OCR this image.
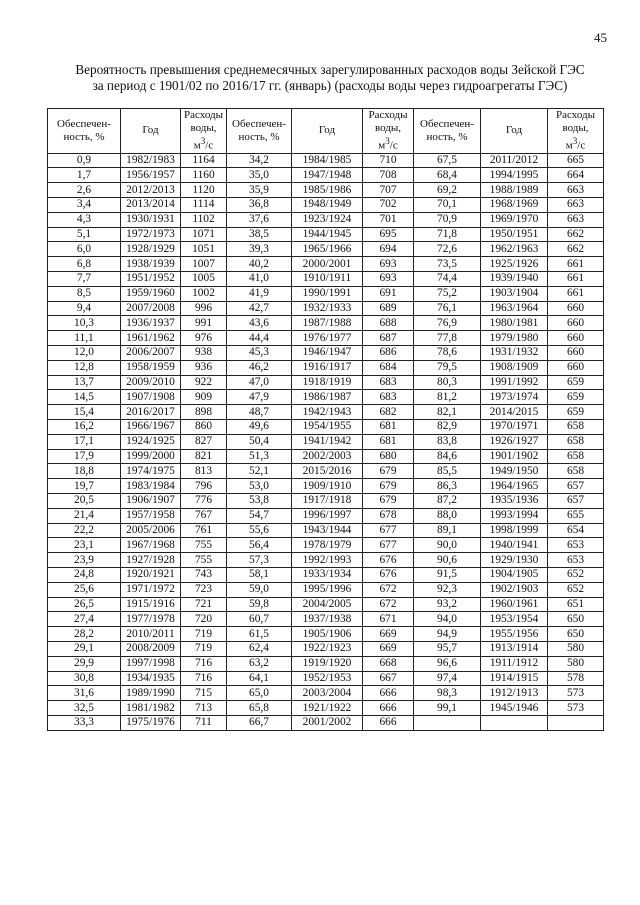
45
Вероятность превышения среднемесячных зарегулированных расходов воды Зейской ГЭС
за период с 1901/02 по 2016/17 гг. (январь) (расходы воды через гидроагрегаты ГЭС)
Обеспечен-
ность, %	Год	Расходы
воды,
$м^3/с$	Обеспечен-
ность, %	Год	Расходы
воды,
$м^3/с$	Обеспечен-
ность, %	Год	Расходы
воды,
$м^3/с$
0,9	1982/1983	1164	34,2	1984/1985	710	67,5	2011/2012	665
1,7	1956/1957	1160	35,0	1947/1948	708	68,4	1994/1995	664
2,6	2012/2013	1120	35,9	1985/1986	707	69,2	1988/1989	663
3,4	2013/2014	1114	36,8	1948/1949	702	70,1	1968/1969	663
4,3	1930/1931	1102	37,6	1923/1924	701	70,9	1969/1970	663
5,1	1972/1973	1071	38,5	1944/1945	695	71,8	1950/1951	662
6,0	1928/1929	1051	39,3	1965/1966	694	72,6	1962/1963	662
6,8	1938/1939	1007	40,2	2000/2001	693	73,5	1925/1926	661
7,7	1951/1952	1005	41,0	1910/1911	693	74,4	1939/1940	661
8,5	1959/1960	1002	41,9	1990/1991	691	75,2	1903/1904	661
9,4	2007/2008	996	42,7	1932/1933	689	76,1	1963/1964	660
10,3	1936/1937	991	43,6	1987/1988	688	76,9	1980/1981	660
11,1	1961/1962	976	44,4	1976/1977	687	77,8	1979/1980	660
12,0	2006/2007	938	45,3	1946/1947	686	78,6	1931/1932	660
12,8	1958/1959	936	46,2	1916/1917	684	79,5	1908/1909	660
13,7	2009/2010	922	47,0	1918/1919	683	80,3	1991/1992	659
14,5	1907/1908	909	47,9	1986/1987	683	81,2	1973/1974	659
15,4	2016/2017	898	48,7	1942/1943	682	82,1	2014/2015	659
16,2	1966/1967	860	49,6	1954/1955	681	82,9	1970/1971	658
17,1	1924/1925	827	50,4	1941/1942	681	83,8	1926/1927	658
17,9	1999/2000	821	51,3	2002/2003	680	84,6	1901/1902	658
18,8	1974/1975	813	52,1	2015/2016	679	85,5	1949/1950	658
19,7	1983/1984	796	53,0	1909/1910	679	86,3	1964/1965	657
20,5	1906/1907	776	53,8	1917/1918	679	87,2	1935/1936	657
21,4	1957/1958	767	54,7	1996/1997	678	88,0	1993/1994	655
22,2	2005/2006	761	55,6	1943/1944	677	89,1	1998/1999	654
23,1	1967/1968	755	56,4	1978/1979	677	90,0	1940/1941	653
23,9	1927/1928	755	57,3	1992/1993	676	90,6	1929/1930	653
24,8	1920/1921	743	58,1	1933/1934	676	91,5	1904/1905	652
25,6	1971/1972	723	59,0	1995/1996	672	92,3	1902/1903	652
26,5	1915/1916	721	59,8	2004/2005	672	93,2	1960/1961	651
27,4	1977/1978	720	60,7	1937/1938	671	94,0	1953/1954	650
28,2	2010/2011	719	61,5	1905/1906	669	94,9	1955/1956	650
29,1	2008/2009	719	62,4	1922/1923	669	95,7	1913/1914	580
29,9	1997/1998	716	63,2	1919/1920	668	96,6	1911/1912	580
30,8	1934/1935	716	64,1	1952/1953	667	97,4	1914/1915	578
31,6	1989/1990	715	65,0	2003/2004	666	98,3	1912/1913	573
32,5	1981/1982	713	65,8	1921/1922	666	99,1	1945/1946	573
33,3	1975/1976	711	66,7	2001/2002	666			
